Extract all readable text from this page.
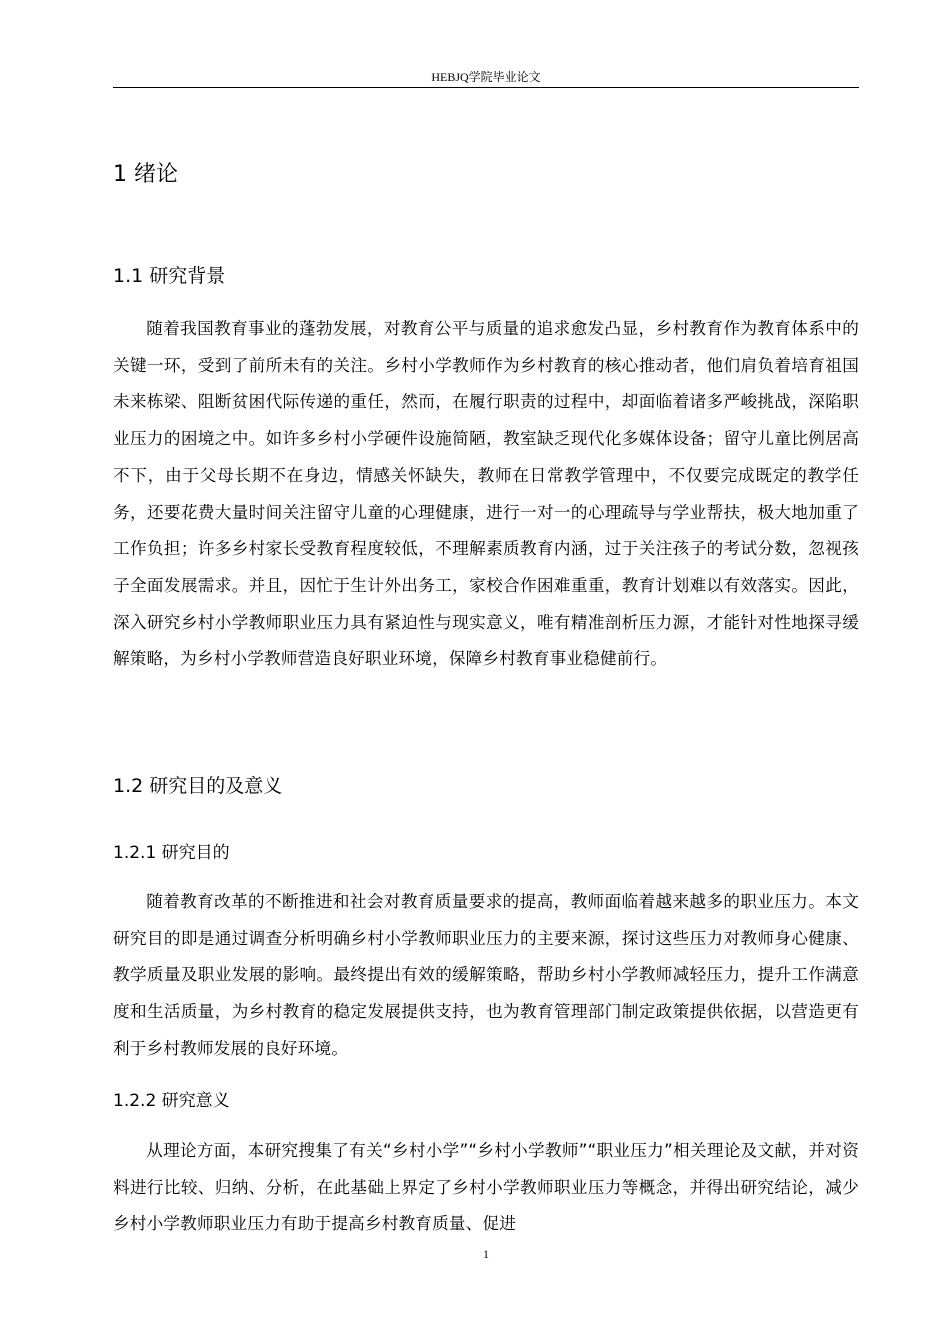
HEBJQ学院毕业论文
1 绪论
1.1 研究背景

随着我国教育事业的蓬勃发展，对教育公平与质量的追求愈发凸显，乡村教育作为教育体系中的关键一环，受到了前所未有的关注。乡村小学教师作为乡村教育的核心推动者，他们肩负着培育祖国未来栋梁、阻断贫困代际传递的重任，然而，在履行职责的过程中，却面临着诸多严峻挑战，深陷职业压力的困境之中。如许多乡村小学硬件设施简陋，教室缺乏现代化多媒体设备；留守儿童比例居高不下，由于父母长期不在身边，情感关怀缺失，教师在日常教学管理中，不仅要完成既定的教学任务，还要花费大量时间关注留守儿童的心理健康，进行一对一的心理疏导与学业帮扶，极大地加重了工作负担；许多乡村家长受教育程度较低，不理解素质教育内涵，过于关注孩子的考试分数，忽视孩子全面发展需求。并且，因忙于生计外出务工，家校合作困难重重，教育计划难以有效落实。因此，深入研究乡村小学教师职业压力具有紧迫性与现实意义，唯有精准剖析压力源，才能针对性地探寻缓解策略，为乡村小学教师营造良好职业环境，保障乡村教育事业稳健前行。

1.2 研究目的及意义
1.2.1 研究目的

随着教育改革的不断推进和社会对教育质量要求的提高，教师面临着越来越多的职业压力。本文研究目的即是通过调查分析明确乡村小学教师职业压力的主要来源，探讨这些压力对教师身心健康、教学质量及职业发展的影响。最终提出有效的缓解策略，帮助乡村小学教师减轻压力，提升工作满意度和生活质量，为乡村教育的稳定发展提供支持，也为教育管理部门制定政策提供依据，以营造更有利于乡村教师发展的良好环境。

1.2.2 研究意义

从理论方面，本研究搜集了有关“乡村小学”“乡村小学教师”“职业压力”相关理论及文献，并对资料进行比较、归纳、分析，在此基础上界定了乡村小学教师职业压力等概念，并得出研究结论，减少乡村小学教师职业压力有助于提高乡村教育质量、促进

1
